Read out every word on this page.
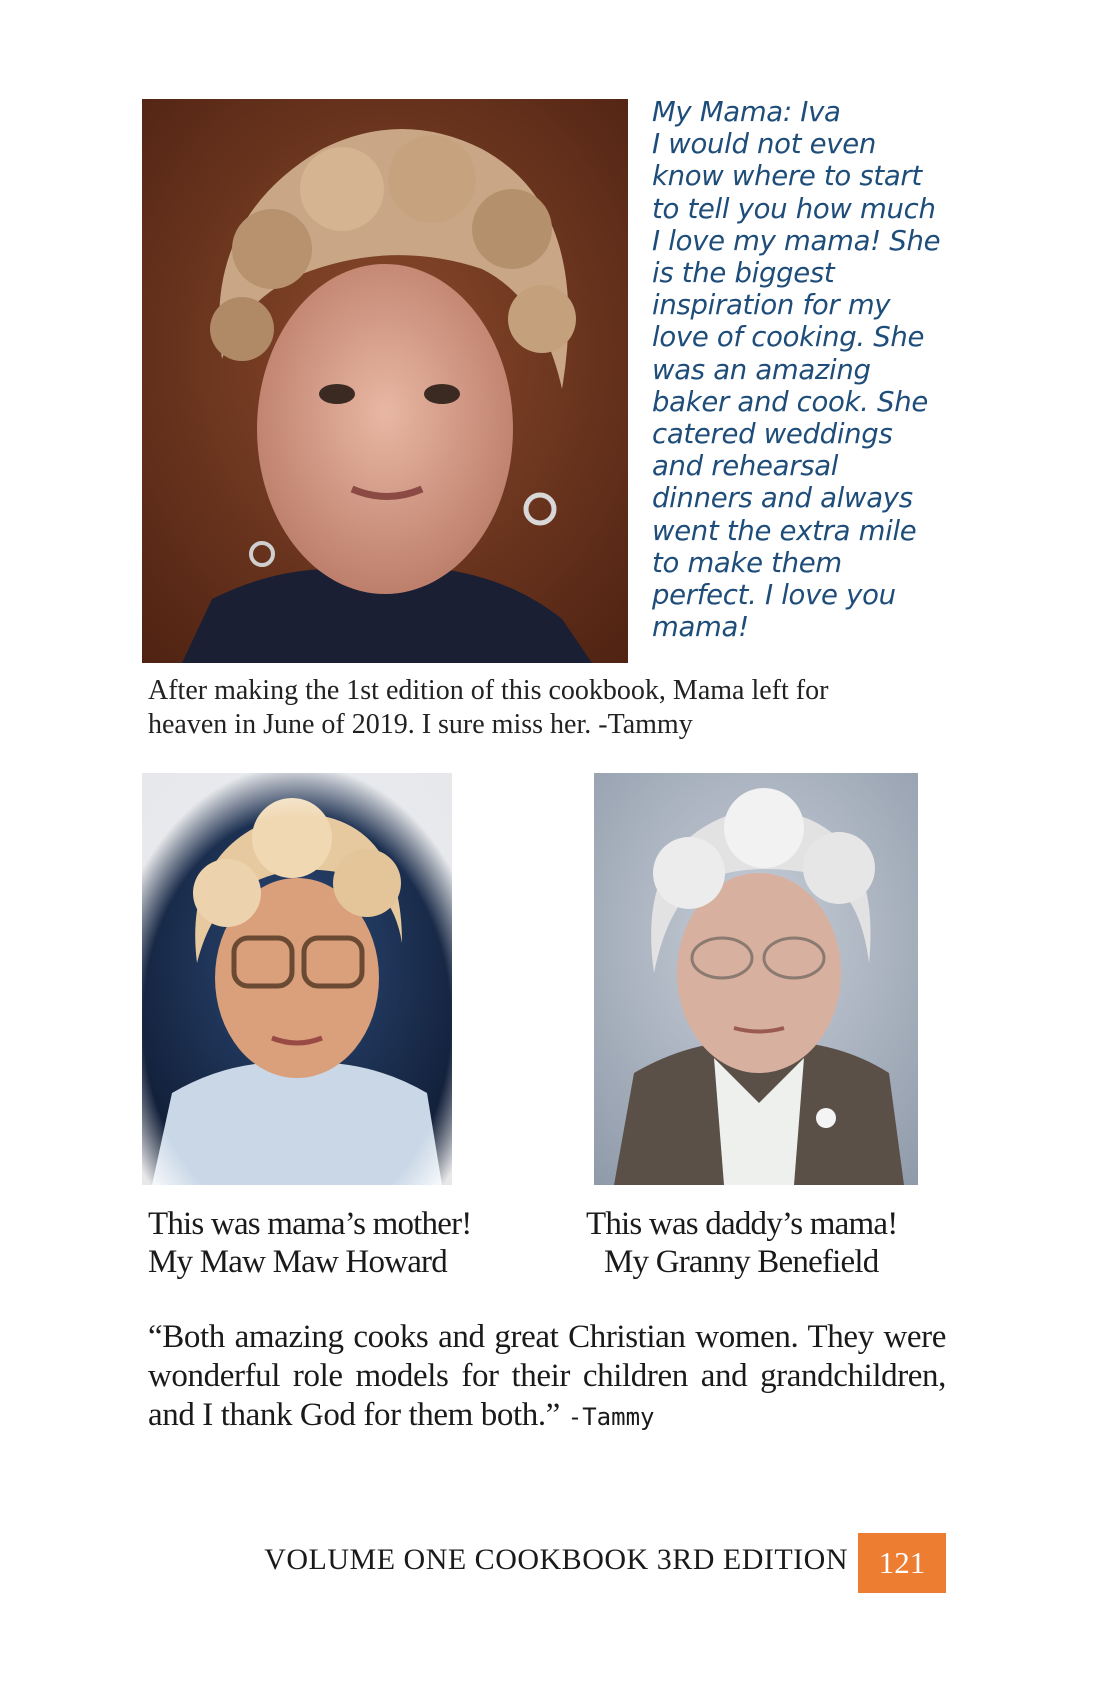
My Mama: Iva
I would not even
know where to start
to tell you how much
I love my mama! She
is the biggest
inspiration for my
love of cooking. She
was an amazing
baker and cook. She
catered weddings
and rehearsal
dinners and always
went the extra mile
to make them
perfect. I love you
mama!
After making the 1st edition of this cookbook, Mama left for
heaven in June of 2019. I sure miss her. -Tammy
This was mama’s mother!
My Maw Maw Howard
This was daddy’s mama!
My Granny Benefield
“Both amazing cooks and great Christian women. They were wonderful role models for their children and grandchildren, and I thank God for them both.” -Tammy
VOLUME ONE COOKBOOK 3RD EDITION 121
